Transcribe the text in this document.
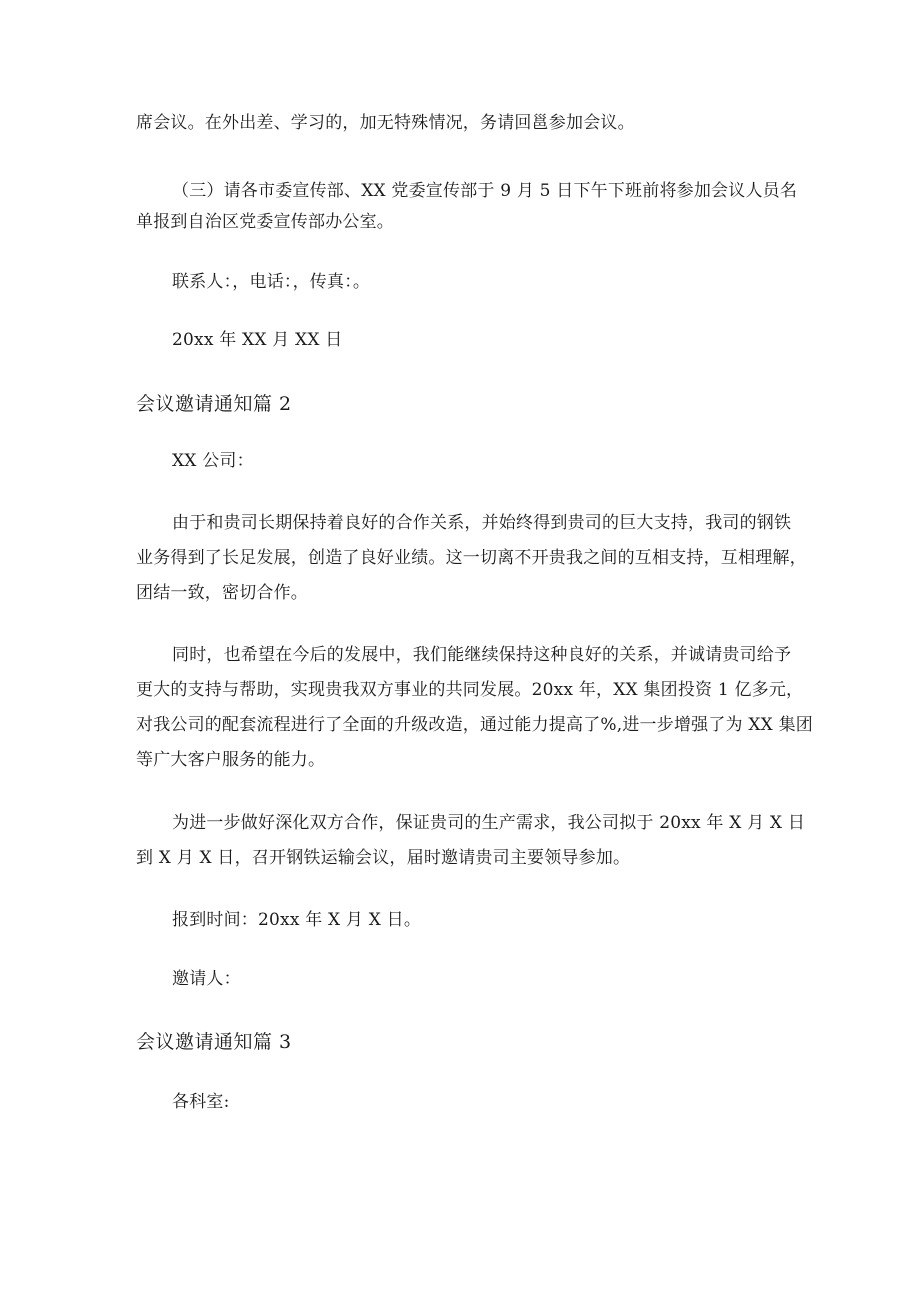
席会议。在外出差、学习的，加无特殊情况，务请回邕参加会议。
（三）请各市委宣传部、XX 党委宣传部于 9 月 5 日下午下班前将参加会议人员名
单报到自治区党委宣传部办公室。
联系人：，电话：，传真：。
20xx 年 XX 月 XX 日
会议邀请通知篇 2
XX 公司：
由于和贵司长期保持着良好的合作关系，并始终得到贵司的巨大支持，我司的钢铁
业务得到了长足发展，创造了良好业绩。这一切离不开贵我之间的互相支持，互相理解，
团结一致，密切合作。
同时，也希望在今后的发展中，我们能继续保持这种良好的关系，并诚请贵司给予
更大的支持与帮助，实现贵我双方事业的共同发展。20xx 年，XX 集团投资 1 亿多元，
对我公司的配套流程进行了全面的升级改造，通过能力提高了%,进一步增强了为 XX 集团
等广大客户服务的能力。
为进一步做好深化双方合作，保证贵司的生产需求，我公司拟于 20xx 年 X 月 X 日
到 X 月 X 日，召开钢铁运输会议，届时邀请贵司主要领导参加。
报到时间：20xx 年 X 月 X 日。
邀请人：
会议邀请通知篇 3
各科室:
